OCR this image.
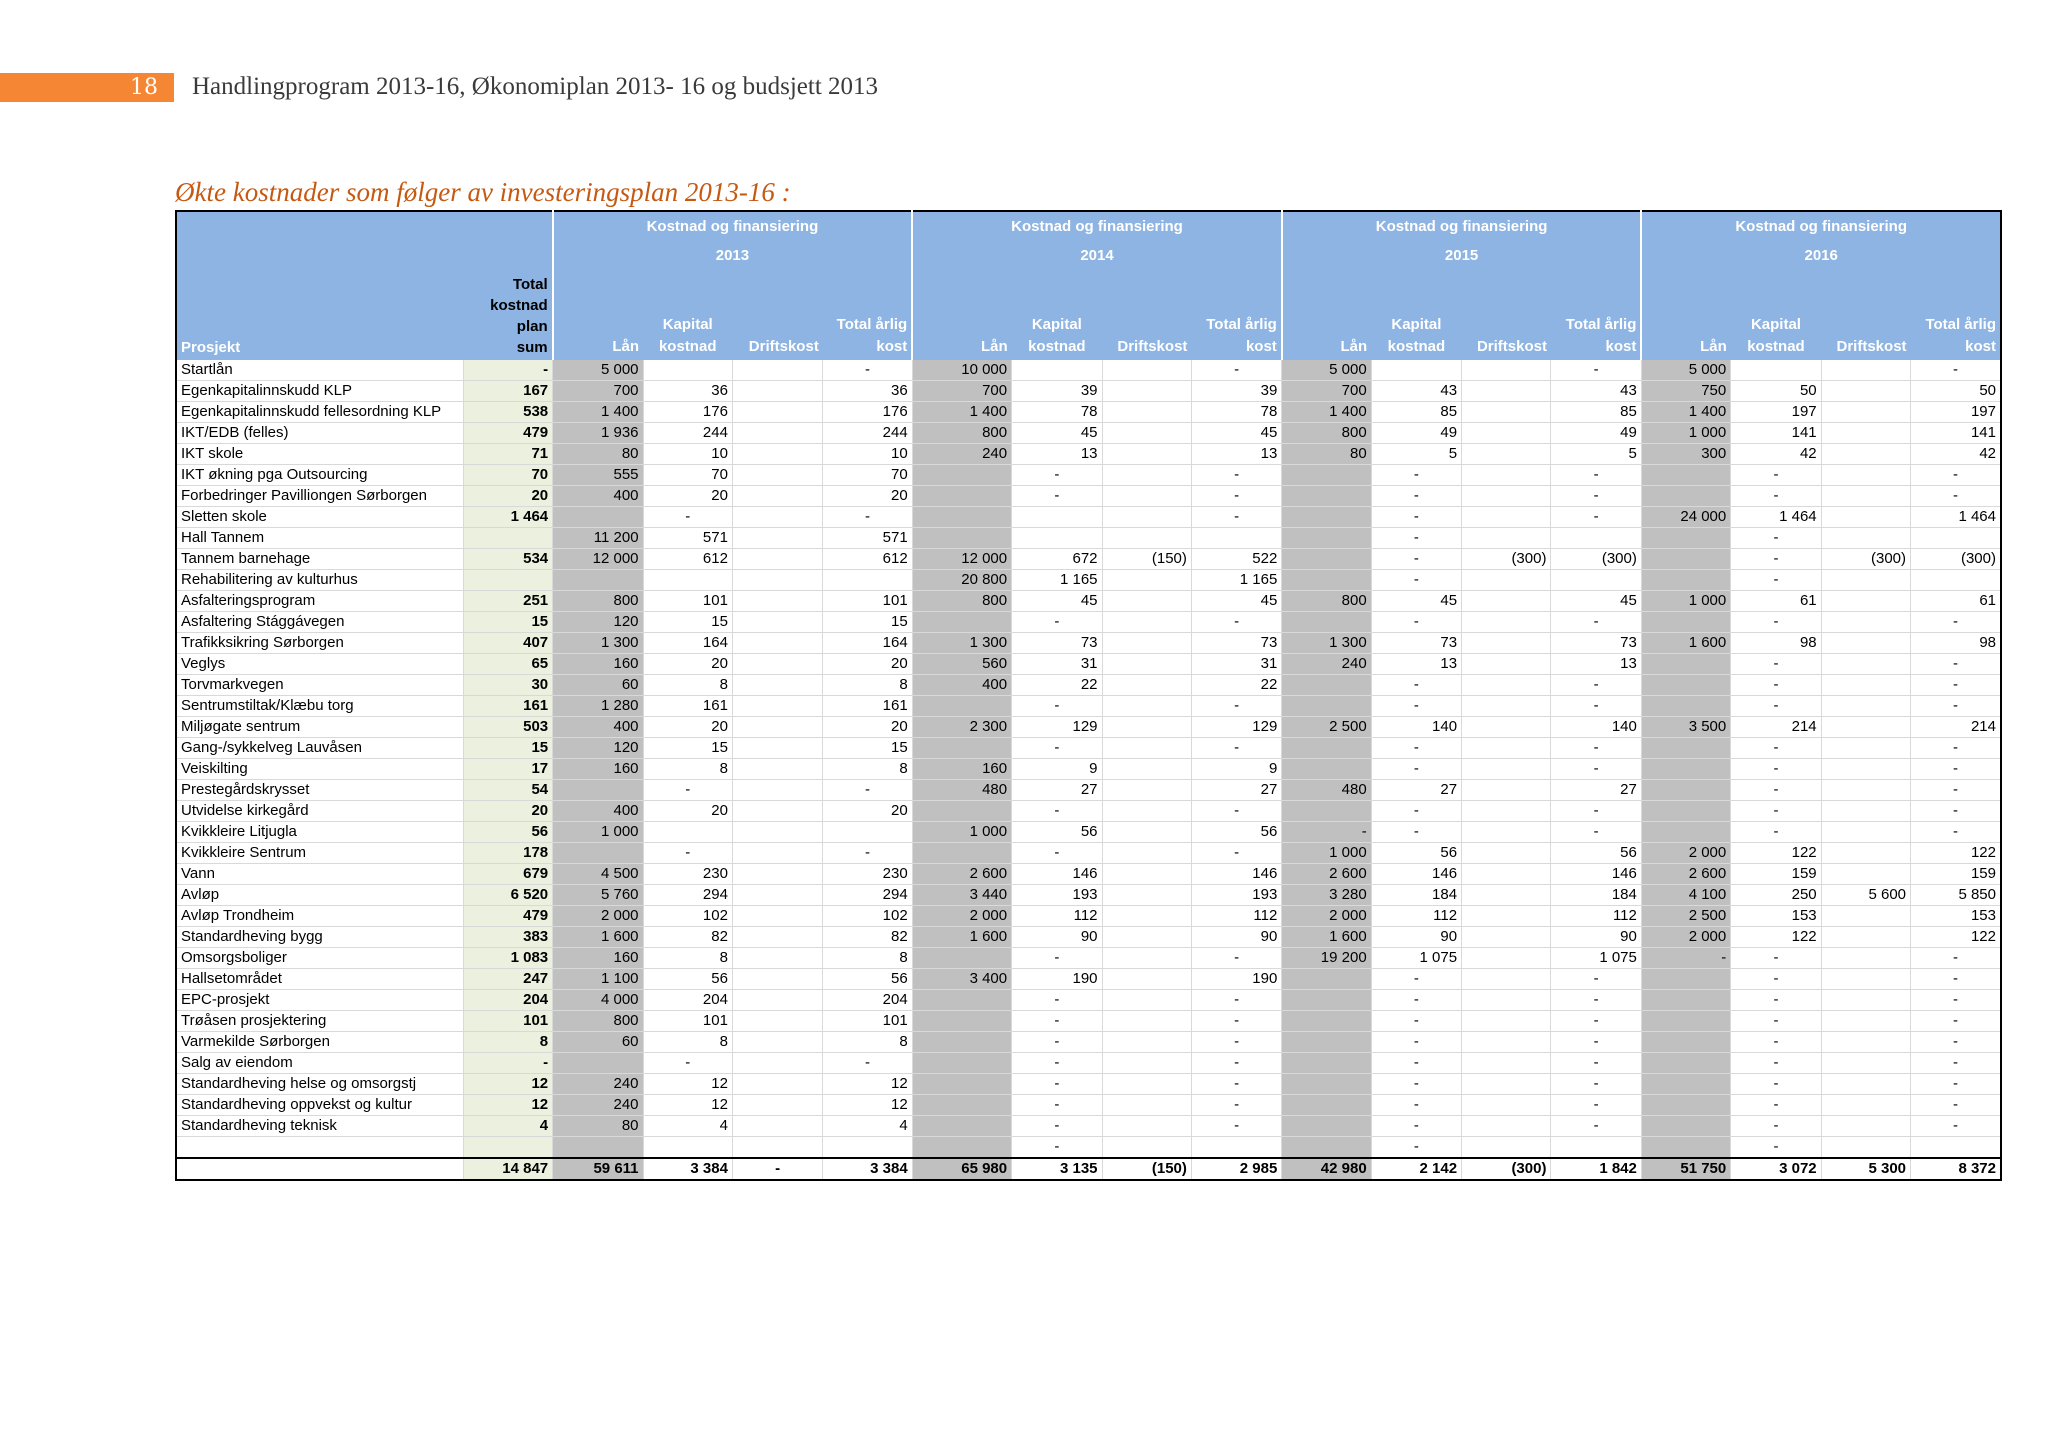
18	Handlingprogram 2013-16, Økonomiplan 2013- 16 og budsjett 2013
Økte kostnader som følger av investeringsplan 2013-16 :
Prosjekt	Total
kostnad
plan
sum	Kostnad og finansiering				Kostnad og finansiering				Kostnad og finansiering				Kostnad og finansiering			
		2013				2014				2015				2016			
		Lån	Kapital
kostnad	Driftskost	Total årlig
kost	Lån	Kapital
kostnad	Driftskost	Total årlig
kost	Lån	Kapital
kostnad	Driftskost	Total årlig
kost	Lån	Kapital
kostnad	Driftskost	Total årlig
kost
Startlån	-	5 000			-	10 000			-	5 000			-	5 000			-
Egenkapitalinnskudd KLP	167	700	36		36	700	39		39	700	43		43	750	50		50
Egenkapitalinnskudd fellesordning KLP	538	1 400	176		176	1 400	78		78	1 400	85		85	1 400	197		197
IKT/EDB (felles)	479	1 936	244		244	800	45		45	800	49		49	1 000	141		141
IKT skole	71	80	10		10	240	13		13	80	5		5	300	42		42
IKT økning pga Outsourcing	70	555	70		70		-		-		-		-		-		-
Forbedringer Pavilliongen Sørborgen	20	400	20		20		-		-		-		-		-		-
Sletten skole	1 464		-		-				-		-		-	24 000	1 464		1 464
Hall Tannem		11 200	571		571						-				-		
Tannem barnehage	534	12 000	612		612	12 000	672	(150)	522		-	(300)	(300)		-	(300)	(300)
Rehabilitering av kulturhus						20 800	1 165		1 165		-				-		
Asfalteringsprogram	251	800	101		101	800	45		45	800	45		45	1 000	61		61
Asfaltering Stággávegen	15	120	15		15		-		-		-		-		-		-
Trafikksikring Sørborgen	407	1 300	164		164	1 300	73		73	1 300	73		73	1 600	98		98
Veglys	65	160	20		20	560	31		31	240	13		13		-		-
Torvmarkvegen	30	60	8		8	400	22		22		-		-		-		-
Sentrumstiltak/Klæbu torg	161	1 280	161		161		-		-		-		-		-		-
Miljøgate sentrum	503	400	20		20	2 300	129		129	2 500	140		140	3 500	214		214
Gang-/sykkelveg Lauvåsen	15	120	15		15		-		-		-		-		-		-
Veiskilting	17	160	8		8	160	9		9		-		-		-		-
Prestegårdskrysset	54		-		-	480	27		27	480	27		27		-		-
Utvidelse kirkegård	20	400	20		20		-		-		-		-		-		-
Kvikkleire Litjugla	56	1 000				1 000	56		56	-	-		-		-		-
Kvikkleire Sentrum	178		-		-		-		-	1 000	56		56	2 000	122		122
Vann	679	4 500	230		230	2 600	146		146	2 600	146		146	2 600	159		159
Avløp	6 520	5 760	294		294	3 440	193		193	3 280	184		184	4 100	250	5 600	5 850
Avløp Trondheim	479	2 000	102		102	2 000	112		112	2 000	112		112	2 500	153		153
Standardheving bygg	383	1 600	82		82	1 600	90		90	1 600	90		90	2 000	122		122
Omsorgsboliger	1 083	160	8		8		-		-	19 200	1 075		1 075	-	-		-
Hallsetområdet	247	1 100	56		56	3 400	190		190		-		-		-		-
EPC-prosjekt	204	4 000	204		204		-		-		-		-		-		-
Trøåsen prosjektering	101	800	101		101		-		-		-		-		-		-
Varmekilde Sørborgen	8	60	8		8		-		-		-		-		-		-
Salg av eiendom	-		-		-		-		-		-		-		-		-
Standardheving helse og omsorgstj	12	240	12		12		-		-		-		-		-		-
Standardheving oppvekst og kultur	12	240	12		12		-		-		-		-		-		-
Standardheving teknisk	4	80	4		4		-		-		-		-		-		-
							-				-				-		
	14 847	59 611	3 384	-	3 384	65 980	3 135	(150)	2 985	42 980	2 142	(300)	1 842	51 750	3 072	5 300	8 372
